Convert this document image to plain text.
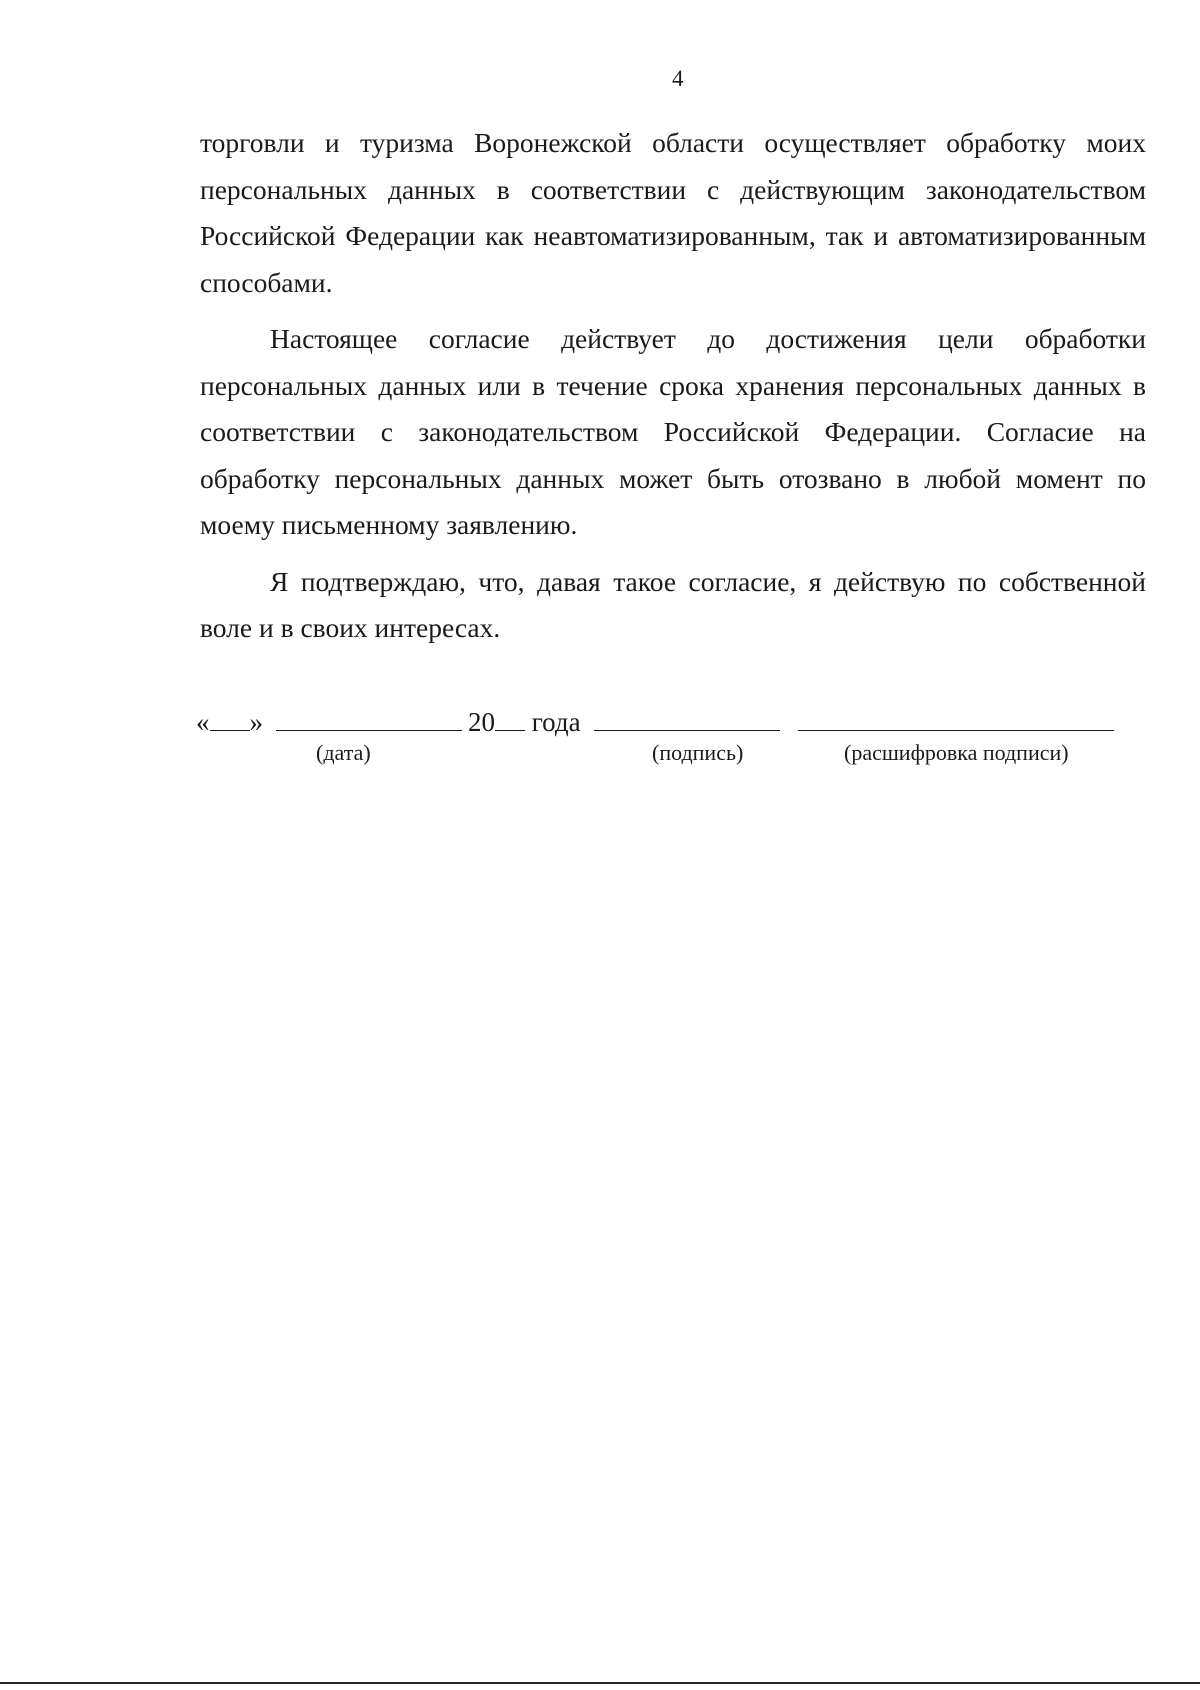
4

торговли и туризма Воронежской области осуществляет обработку моих персональных данных в соответствии с действующим законодательством Российской Федерации как неавтоматизированным, так и автоматизированным способами.

Настоящее согласие действует до достижения цели обработки персональных данных или в течение срока хранения персональных данных в соответствии с законодательством Российской Федерации. Согласие на обработку персональных данных может быть отозвано в любой момент по моему письменному заявлению.

Я подтверждаю, что, давая такое согласие, я действую по собственной воле и в своих интересах.

« »	20 года
(дата)	(подпись)	(расшифровка подписи)
